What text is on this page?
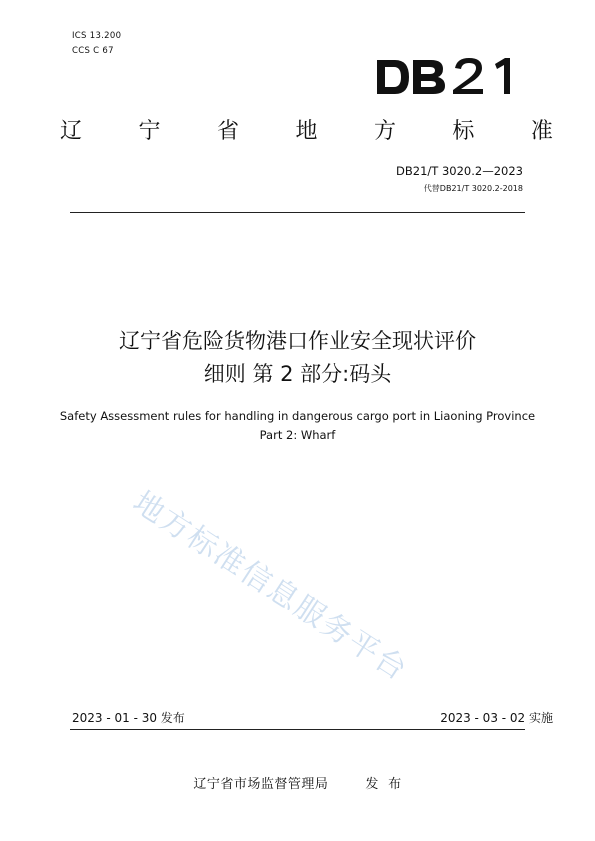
ICS 13.200
CCS C 67
辽 宁 省 地 方 标 准
DB21/T 3020.2—2023
代替DB21/T 3020.2-2018
辽宁省危险货物港口作业安全现状评价
细则 第 2 部分:码头
Safety Assessment rules for handling in dangerous cargo port in Liaoning Province
Part 2: Wharf
地方标准信息服务平台
2023 - 01 - 30 发布	2023 - 03 - 02 实施
辽宁省市场监督管理局        发  布
